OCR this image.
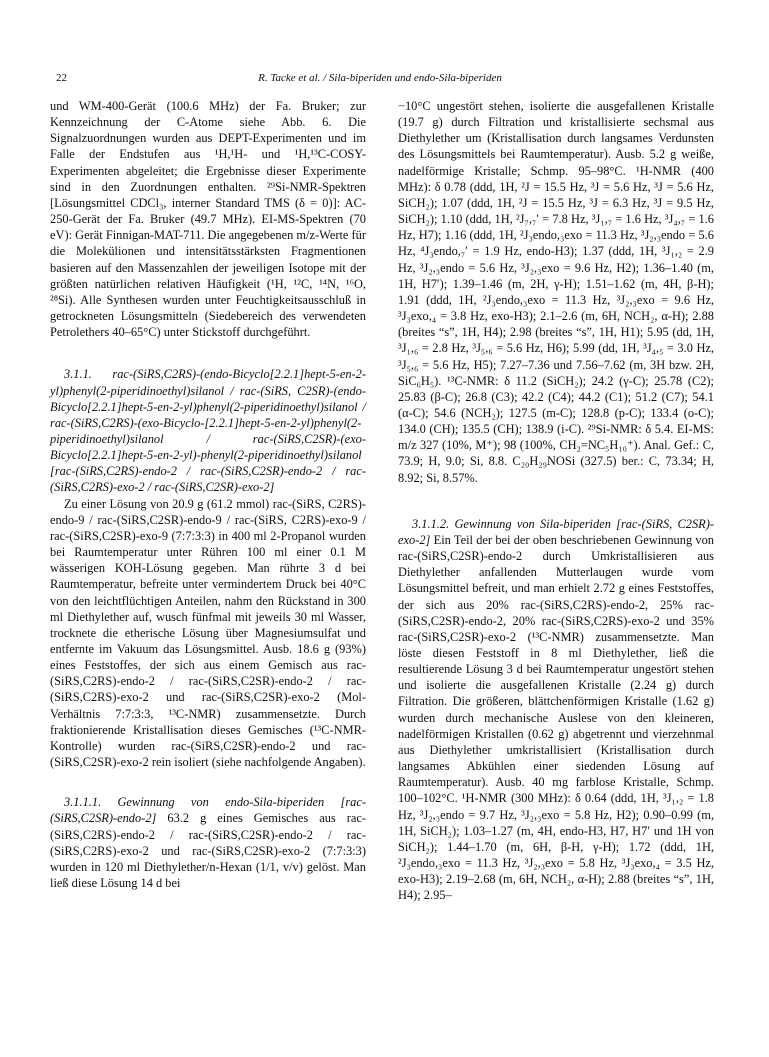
22	R. Tacke et al. / Sila-biperiden und endo-Sila-biperiden

und WM-400-Gerät (100.6 MHz) der Fa. Bruker; zur Kennzeichnung der C-Atome siehe Abb. 6. Die Signalzuordnungen wurden aus DEPT-Experimenten und im Falle der Endstufen aus ¹H,¹H- und ¹H,¹³C-COSY-Experimenten abgeleitet; die Ergebnisse dieser Experimente sind in den Zuordnungen enthalten. ²⁹Si-NMR-Spektren [Lösungsmittel CDCl₃, interner Standard TMS (δ = 0)]: AC-250-Gerät der Fa. Bruker (49.7 MHz). EI-MS-Spektren (70 eV): Gerät Finnigan-MAT-711. Die angegebenen m/z-Werte für die Molekülionen und intensitätsstärksten Fragmentionen basieren auf den Massenzahlen der jeweiligen Isotope mit der größten natürlichen relativen Häufigkeit (¹H, ¹²C, ¹⁴N, ¹⁶O, ²⁸Si). Alle Synthesen wurden unter Feuchtigkeitsausschluß in getrockneten Lösungsmitteln (Siedebereich des verwendeten Petrolethers 40–65°C) unter Stickstoff durchgeführt.

3.1.1. rac-(SiRS,C2RS)-(endo-Bicyclo[2.2.1]hept-5-en-2-yl)phenyl(2-piperidinoethyl)silanol / rac-(SiRS, C2SR)-(endo-Bicyclo[2.2.1]hept-5-en-2-yl)phenyl(2-piperidinoethyl)silanol / rac-(SiRS,C2RS)-(exo-Bicyclo-[2.2.1]hept-5-en-2-yl)phenyl(2-piperidinoethyl)silanol / rac-(SiRS,C2SR)-(exo-Bicyclo[2.2.1]hept-5-en-2-yl)-phenyl(2-piperidinoethyl)silanol [rac-(SiRS,C2RS)-endo-2 / rac-(SiRS,C2SR)-endo-2 / rac-(SiRS,C2RS)-exo-2 / rac-(SiRS,C2SR)-exo-2]

Zu einer Lösung von 20.9 g (61.2 mmol) rac-(SiRS, C2RS)-endo-9 / rac-(SiRS,C2SR)-endo-9 / rac-(SiRS, C2RS)-exo-9 / rac-(SiRS,C2SR)-exo-9 (7:7:3:3) in 400 ml 2-Propanol wurden bei Raumtemperatur unter Rühren 100 ml einer 0.1 M wässerigen KOH-Lösung gegeben. Man rührte 3 d bei Raumtemperatur, befreite unter vermindertem Druck bei 40°C von den leichtflüchtigen Anteilen, nahm den Rückstand in 300 ml Diethylether auf, wusch fünfmal mit jeweils 30 ml Wasser, trocknete die etherische Lösung über Magnesiumsulfat und entfernte im Vakuum das Lösungsmittel. Ausb. 18.6 g (93%) eines Feststoffes, der sich aus einem Gemisch aus rac-(SiRS,C2RS)-endo-2 / rac-(SiRS,C2SR)-endo-2 / rac-(SiRS,C2RS)-exo-2 und rac-(SiRS,C2SR)-exo-2 (Mol-Verhältnis 7:7:3:3, ¹³C-NMR) zusammensetzte. Durch fraktionierende Kristallisation dieses Gemisches (¹³C-NMR-Kontrolle) wurden rac-(SiRS,C2SR)-endo-2 und rac-(SiRS,C2SR)-exo-2 rein isoliert (siehe nachfolgende Angaben).

3.1.1.1. Gewinnung von endo-Sila-biperiden [rac-(SiRS,C2SR)-endo-2] 63.2 g eines Gemisches aus rac-(SiRS,C2RS)-endo-2 / rac-(SiRS,C2SR)-endo-2 / rac-(SiRS,C2RS)-exo-2 und rac-(SiRS,C2SR)-exo-2 (7:7:3:3) wurden in 120 ml Diethylether/n-Hexan (1/1, v/v) gelöst. Man ließ diese Lösung 14 d bei

−10°C ungestört stehen, isolierte die ausgefallenen Kristalle (19.7 g) durch Filtration und kristallisierte sechsmal aus Diethylether um (Kristallisation durch langsames Verdunsten des Lösungsmittels bei Raumtemperatur). Ausb. 5.2 g weiße, nadelförmige Kristalle; Schmp. 95–98°C. ¹H-NMR (400 MHz): δ 0.78 (ddd, 1H, ²J = 15.5 Hz, ³J = 5.6 Hz, ³J = 5.6 Hz, SiCH₂); 1.07 (ddd, 1H, ²J = 15.5 Hz, ³J = 6.3 Hz, ³J = 9.5 Hz, SiCH₂); 1.10 (ddd, 1H, ²J₇,₇′ = 7.8 Hz, ³J₁,₇ = 1.6 Hz, ³J₄,₇ = 1.6 Hz, H7); 1.16 (ddd, 1H, ²J₃endo,₃exo = 11.3 Hz, ³J₂,₃endo = 5.6 Hz, ⁴J₃endo,₇′ = 1.9 Hz, endo-H3); 1.37 (ddd, 1H, ³J₁,₂ = 2.9 Hz, ³J₂,₃endo = 5.6 Hz, ³J₂,₃exo = 9.6 Hz, H2); 1.36–1.40 (m, 1H, H7′); 1.39–1.46 (m, 2H, γ-H); 1.51–1.62 (m, 4H, β-H); 1.91 (ddd, 1H, ²J₃endo,₃exo = 11.3 Hz, ³J₂,₃exo = 9.6 Hz, ³J₃exo,₄ = 3.8 Hz, exo-H3); 2.1–2.6 (m, 6H, NCH₂, α-H); 2.88 (breites “s”, 1H, H4); 2.98 (breites “s”, 1H, H1); 5.95 (dd, 1H, ³J₁,₆ = 2.8 Hz, ³J₅,₆ = 5.6 Hz, H6); 5.99 (dd, 1H, ³J₄,₅ = 3.0 Hz, ³J₅,₆ = 5.6 Hz, H5); 7.27–7.36 und 7.56–7.62 (m, 3H bzw. 2H, SiC₆H₅). ¹³C-NMR: δ 11.2 (SiCH₂); 24.2 (γ-C); 25.78 (C2); 25.83 (β-C); 26.8 (C3); 42.2 (C4); 44.2 (C1); 51.2 (C7); 54.1 (α-C); 54.6 (NCH₂); 127.5 (m-C); 128.8 (p-C); 133.4 (o-C); 134.0 (CH); 135.5 (CH); 138.9 (i-C). ²⁹Si-NMR: δ 5.4. EI-MS: m/z 327 (10%, M⁺); 98 (100%, CH₂=NC₅H₁₀⁺). Anal. Gef.: C, 73.9; H, 9.0; Si, 8.8. C₂₀H₂₉NOSi (327.5) ber.: C, 73.34; H, 8.92; Si, 8.57%.

3.1.1.2. Gewinnung von Sila-biperiden [rac-(SiRS, C2SR)-exo-2] Ein Teil der bei der oben beschriebenen Gewinnung von rac-(SiRS,C2SR)-endo-2 durch Umkristallisieren aus Diethylether anfallenden Mutterlaugen wurde vom Lösungsmittel befreit, und man erhielt 2.72 g eines Feststoffes, der sich aus 20% rac-(SiRS,C2RS)-endo-2, 25% rac-(SiRS,C2SR)-endo-2, 20% rac-(SiRS,C2RS)-exo-2 und 35% rac-(SiRS,C2SR)-exo-2 (¹³C-NMR) zusammensetzte. Man löste diesen Feststoff in 8 ml Diethylether, ließ die resultierende Lösung 3 d bei Raumtemperatur ungestört stehen und isolierte die ausgefallenen Kristalle (2.24 g) durch Filtration. Die größeren, blättchenförmigen Kristalle (1.62 g) wurden durch mechanische Auslese von den kleineren, nadelförmigen Kristallen (0.62 g) abgetrennt und vierzehnmal aus Diethylether umkristallisiert (Kristallisation durch langsames Abkühlen einer siedenden Lösung auf Raumtemperatur). Ausb. 40 mg farblose Kristalle, Schmp. 100–102°C. ¹H-NMR (300 MHz): δ 0.64 (ddd, 1H, ³J₁,₂ = 1.8 Hz, ³J₂,₃endo = 9.7 Hz, ³J₂,₃exo = 5.8 Hz, H2); 0.90–0.99 (m, 1H, SiCH₂); 1.03–1.27 (m, 4H, endo-H3, H7, H7′ und 1H von SiCH₂); 1.44–1.70 (m, 6H, β-H, γ-H); 1.72 (ddd, 1H, ²J₃endo,₃exo = 11.3 Hz, ³J₂,₃exo = 5.8 Hz, ³J₃exo,₄ = 3.5 Hz, exo-H3); 2.19–2.68 (m, 6H, NCH₂, α-H); 2.88 (breites “s”, 1H, H4); 2.95–
